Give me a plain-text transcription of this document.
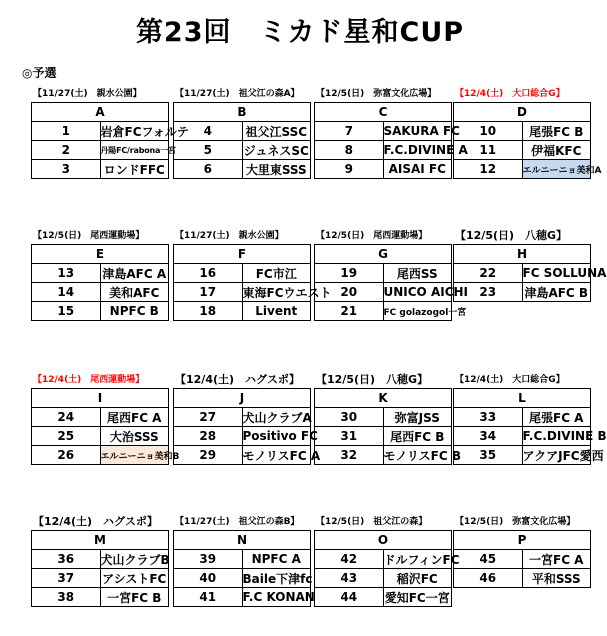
第23回　ミカド星和CUP
◎予選
【11/27(土)　親水公園】
A	
1	岩倉FCフォルテ
2	丹陽FC/rabona一宮
3	ロンドFFC
【11/27(土)　祖父江の森A】
B	
4	祖父江SSC
5	ジュネスSC
6	大里東SSS
【12/5(日)　弥富文化広場】
C	
7	SAKURA FC
8	F.C.DIVINE A
9	AISAI FC
【12/4(土)　大口総合G】
D	
10	尾張FC B
11	伊福KFC
12	エルニーニョ美和A
【12/5(日)　尾西運動場】
E	
13	津島AFC A
14	美和AFC
15	NPFC B
【11/27(土)　親水公園】
F	
16	FC市江
17	東海FCウエスト
18	Livent
【12/5(日)　尾西運動場】
G	
19	尾西SS
20	UNICO AICHI
21	FC golazogol一宮
【12/5(日)　八穂G】
H	
22	FC SOLLUNA
23	津島AFC B
【12/4(土)　尾西運動場】
I	
24	尾西FC A
25	大治SSS
26	エルニーニョ美和B
【12/4(土)　ハグスポ】
J	
27	犬山クラブA
28	Positivo FC
29	モノリスFC A
【12/5(日)　八穂G】
K	
30	弥富JSS
31	尾西FC B
32	モノリスFC B
【12/4(土)　大口総合G】
L	
33	尾張FC A
34	F.C.DIVINE B
35	アクアJFC愛西
【12/4(土)　ハグスポ】
M	
36	犬山クラブB
37	アシストFC
38	一宮FC B
【11/27(土)　祖父江の森B】
N	
39	NPFC A
40	Baile下津fc
41	F.C KONAN
【12/5(日)　祖父江の森】
O	
42	ドルフィンFC
43	稲沢FC
44	愛知FC一宮
【12/5(日)　弥富文化広場】
P	
45	一宮FC A
46	平和SSS
